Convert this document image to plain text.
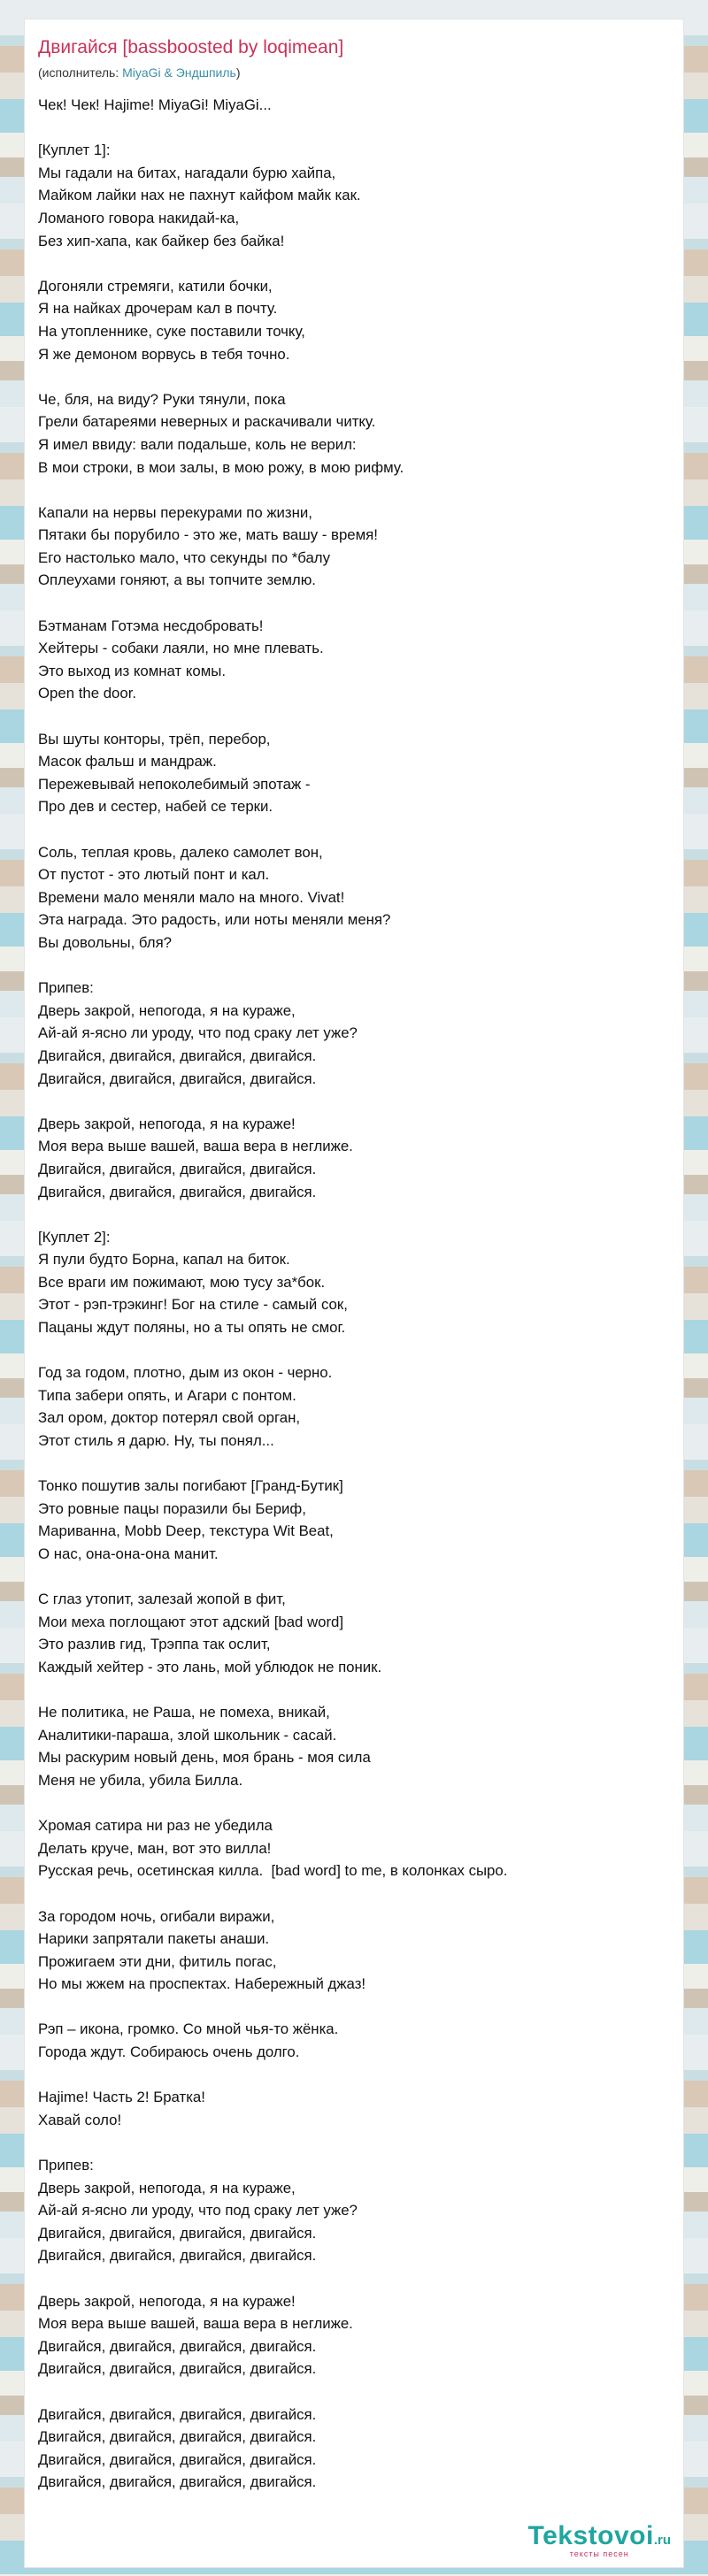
Двигайся [bassboosted by loqimean]
(исполнитель: MiyaGi & Эндшпиль)
Чек! Чек! Hajime! MiyaGi! MiyaGi...

[Куплет 1]:
Мы гадали на битах, нагадали бурю хайпа,
Майком лайки нах не пахнут кайфом майк как.
Ломаного говора накидай-ка,
Без хип-хапа, как байкер без байка!

Догоняли стремяги, катили бочки,
Я на найках дрочерам кал в почту.
На утопленнике, суке поставили точку,
Я же демоном ворвусь в тебя точно.

Че, бля, на виду? Руки тянули, пока
Грели батареями неверных и раскачивали читку.
Я имел ввиду: вали подальше, коль не верил:
В мои строки, в мои залы, в мою рожу, в мою рифму.

Капали на нервы перекурами по жизни,
Пятаки бы порубило - это же, мать вашу - время!
Его настолько мало, что секунды по *балу
Оплеухами гоняют, а вы топчите землю.

Бэтманам Готэма несдобровать!
Хейтеры - собаки лаяли, но мне плевать.
Это выход из комнат комы.
Open the door.

Вы шуты конторы, трёп, перебор,
Масок фальш и мандраж.
Пережевывай непоколебимый эпотаж -
Про дев и сестер, набей се терки.

Соль, теплая кровь, далеко самолет вон,
От пустот - это лютый понт и кал.
Времени мало меняли мало на много. Vivat!
Эта награда. Это радость, или ноты меняли меня?
Вы довольны, бля?

Припев:
Дверь закрой, непогода, я на кураже,
Ай-ай я-ясно ли уроду, что под сраку лет уже?
Двигайся, двигайся, двигайся, двигайся.
Двигайся, двигайся, двигайся, двигайся.

Дверь закрой, непогода, я на кураже!
Моя вера выше вашей, ваша вера в неглиже.
Двигайся, двигайся, двигайся, двигайся.
Двигайся, двигайся, двигайся, двигайся.

[Куплет 2]:
Я пули будто Борна, капал на биток.
Все враги им пожимают, мою тусу за*бок.
Этот - рэп-трэкинг! Бог на стиле - самый сок,
Пацаны ждут поляны, но а ты опять не смог.

Год за годом, плотно, дым из окон - черно.
Типа забери опять, и Агари с понтом.
Зал ором, доктор потерял свой орган,
Этот стиль я дарю. Ну, ты понял...

Тонко пошутив залы погибают [Гранд-Бутик]
Это ровные пацы поразили бы Бериф,
Мариванна, Mobb Deep, текстура Wit Beat,
О нас, она-она-она манит.

С глаз утопит, залезай жопой в фит,
Мои меха поглощают этот адский [bad word]
Это разлив гид, Трэппа так ослит,
Каждый хейтер - это лань, мой ублюдок не поник.

Не политика, не Раша, не помеха, вникай,
Аналитики-параша, злой школьник - сасай.
Мы раскурим новый день, моя брань - моя сила
Меня не убила, убила Билла.

Хромая сатира ни раз не убедила
Делать круче, ман, вот это вилла!
Русская речь, осетинская килла.  [bad word] to me, в колонках сыро.

За городом ночь, огибали виражи,
Нарики запрятали пакеты анаши.
Прожигаем эти дни, фитиль погас,
Но мы жжем на проспектах. Набережный джаз!

Рэп – икона, громко. Со мной чья-то жёнка.
Города ждут. Собираюсь очень долго.

Hajime! Часть 2! Братка!
Хавай соло!

Припев:
Дверь закрой, непогода, я на кураже,
Ай-ай я-ясно ли уроду, что под сраку лет уже?
Двигайся, двигайся, двигайся, двигайся.
Двигайся, двигайся, двигайся, двигайся.

Дверь закрой, непогода, я на кураже!
Моя вера выше вашей, ваша вера в неглиже.
Двигайся, двигайся, двигайся, двигайся.
Двигайся, двигайся, двигайся, двигайся.

Двигайся, двигайся, двигайся, двигайся.
Двигайся, двигайся, двигайся, двигайся.
Двигайся, двигайся, двигайся, двигайся.
Двигайся, двигайся, двигайся, двигайся.
Tekstovoi.ru
тексты песен
